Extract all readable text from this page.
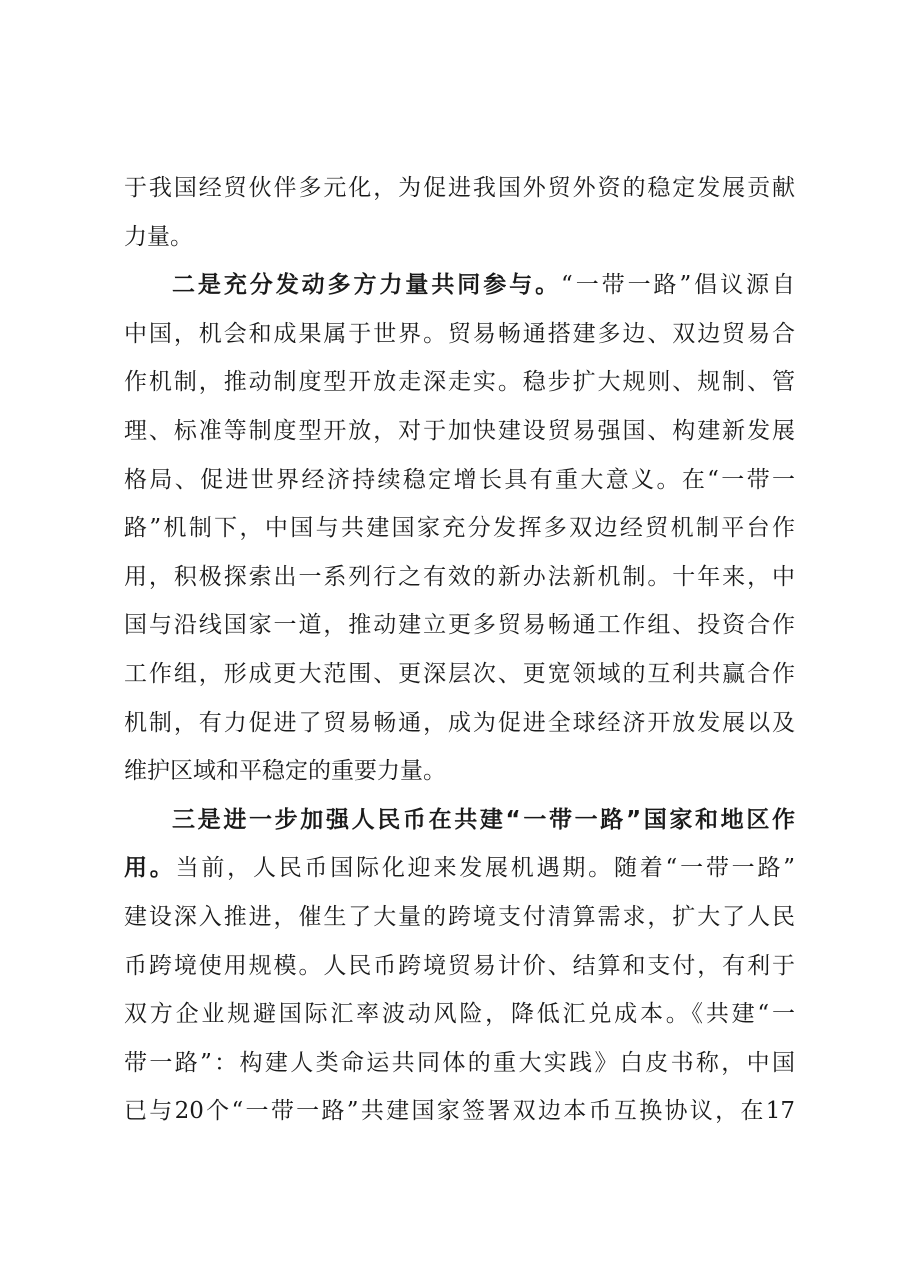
于我国经贸伙伴多元化，为促进我国外贸外资的稳定发展贡献
力量。
二是充分发动多方力量共同参与。“一带一路”倡议源自
中国，机会和成果属于世界。贸易畅通搭建多边、双边贸易合
作机制，推动制度型开放走深走实。稳步扩大规则、规制、管
理、标准等制度型开放，对于加快建设贸易强国、构建新发展
格局、促进世界经济持续稳定增长具有重大意义。在“一带一
路”机制下，中国与共建国家充分发挥多双边经贸机制平台作
用，积极探索出一系列行之有效的新办法新机制。十年来，中
国与沿线国家一道，推动建立更多贸易畅通工作组、投资合作
工作组，形成更大范围、更深层次、更宽领域的互利共赢合作
机制，有力促进了贸易畅通，成为促进全球经济开放发展以及
维护区域和平稳定的重要力量。
三是进一步加强人民币在共建“一带一路”国家和地区作
用。当前，人民币国际化迎来发展机遇期。随着“一带一路”
建设深入推进，催生了大量的跨境支付清算需求，扩大了人民
币跨境使用规模。人民币跨境贸易计价、结算和支付，有利于
双方企业规避国际汇率波动风险，降低汇兑成本。《共建“一
带一路”：构建人类命运共同体的重大实践》白皮书称，中国
已与20个“一带一路”共建国家签署双边本币互换协议，在17
